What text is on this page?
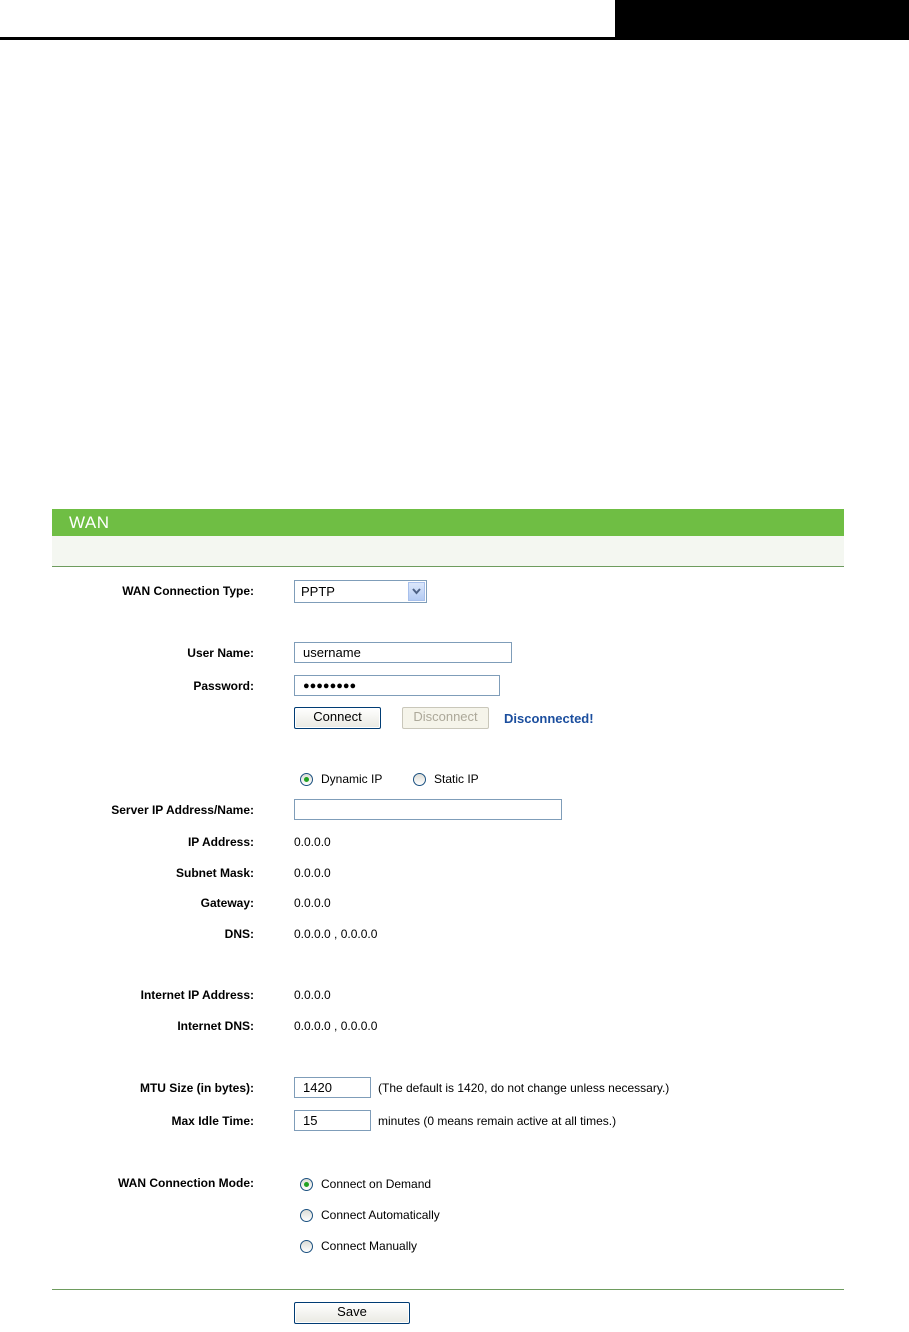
WAN
WAN Connection Type:	PPTP
User Name:
username
Password:	●●●●●●●●
Connect	Disconnect	Disconnected!
Dynamic IP	Static IP
Server IP Address/Name:
IP Address:	0.0.0.0
Subnet Mask:	0.0.0.0
Gateway:	0.0.0.0
DNS:	0.0.0.0 , 0.0.0.0
Internet IP Address:	0.0.0.0
Internet DNS:	0.0.0.0 , 0.0.0.0
MTU Size (in bytes):
1420	(The default is 1420, do not change unless necessary.)
Max Idle Time:
15	minutes (0 means remain active at all times.)
WAN Connection Mode:	Connect on Demand
Connect Automatically
Connect Manually
Save
